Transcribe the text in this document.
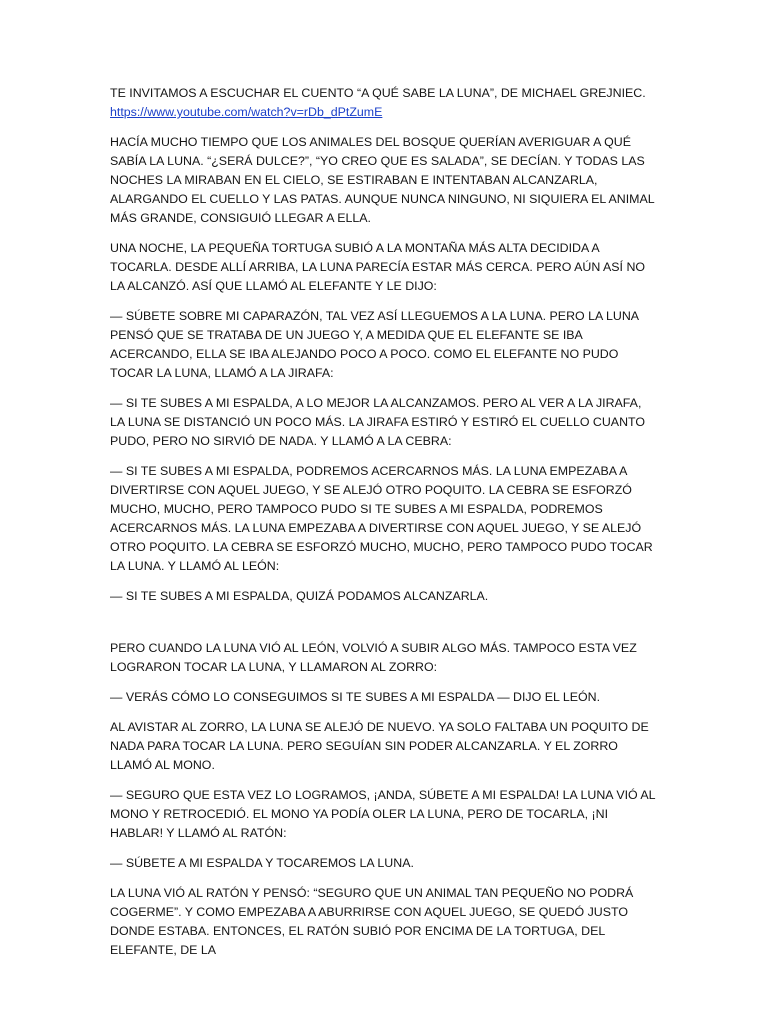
TE INVITAMOS A ESCUCHAR EL CUENTO “A QUÉ SABE LA LUNA”, DE MICHAEL GREJNIEC.
https://www.youtube.com/watch?v=rDb_dPtZumE

HACÍA MUCHO TIEMPO QUE LOS ANIMALES DEL BOSQUE QUERÍAN AVERIGUAR A QUÉ SABÍA LA LUNA. “¿SERÁ DULCE?”, “YO CREO QUE ES SALADA”, SE DECÍAN. Y TODAS LAS NOCHES LA MIRABAN EN EL CIELO, SE ESTIRABAN E INTENTABAN ALCANZARLA, ALARGANDO EL CUELLO Y LAS PATAS. AUNQUE NUNCA NINGUNO, NI SIQUIERA EL ANIMAL MÁS GRANDE, CONSIGUIÓ LLEGAR A ELLA.

UNA NOCHE, LA PEQUEÑA TORTUGA SUBIÓ A LA MONTAÑA MÁS ALTA DECIDIDA A TOCARLA. DESDE ALLÍ ARRIBA, LA LUNA PARECÍA ESTAR MÁS CERCA. PERO AÚN ASÍ NO LA ALCANZÓ. ASÍ QUE LLAMÓ AL ELEFANTE Y LE DIJO:

— SÚBETE SOBRE MI CAPARAZÓN, TAL VEZ ASÍ LLEGUEMOS A LA LUNA. PERO LA LUNA PENSÓ QUE SE TRATABA DE UN JUEGO Y, A MEDIDA QUE EL ELEFANTE SE IBA ACERCANDO, ELLA SE IBA ALEJANDO POCO A POCO. COMO EL ELEFANTE NO PUDO TOCAR LA LUNA, LLAMÓ A LA JIRAFA:

— SI TE SUBES A MI ESPALDA, A LO MEJOR LA ALCANZAMOS. PERO AL VER A LA JIRAFA, LA LUNA SE DISTANCIÓ UN POCO MÁS. LA JIRAFA ESTIRÓ Y ESTIRÓ EL CUELLO CUANTO PUDO, PERO NO SIRVIÓ DE NADA. Y LLAMÓ A LA CEBRA:

— SI TE SUBES A MI ESPALDA, PODREMOS ACERCARNOS MÁS. LA LUNA EMPEZABA A DIVERTIRSE CON AQUEL JUEGO, Y SE ALEJÓ OTRO POQUITO. LA CEBRA SE ESFORZÓ MUCHO, MUCHO, PERO TAMPOCO PUDO SI TE SUBES A MI ESPALDA, PODREMOS ACERCARNOS MÁS. LA LUNA EMPEZABA A DIVERTIRSE CON AQUEL JUEGO, Y SE ALEJÓ OTRO POQUITO. LA CEBRA SE ESFORZÓ MUCHO, MUCHO, PERO TAMPOCO PUDO TOCAR LA LUNA. Y LLAMÓ AL LEÓN:

— SI TE SUBES A MI ESPALDA, QUIZÁ PODAMOS ALCANZARLA.

PERO CUANDO LA LUNA VIÓ AL LEÓN, VOLVIÓ A SUBIR ALGO MÁS. TAMPOCO ESTA VEZ LOGRARON TOCAR LA LUNA, Y LLAMARON AL ZORRO:

— VERÁS CÓMO LO CONSEGUIMOS SI TE SUBES A MI ESPALDA — DIJO EL LEÓN.

AL AVISTAR AL ZORRO, LA LUNA SE ALEJÓ DE NUEVO. YA SOLO FALTABA UN POQUITO DE NADA PARA TOCAR LA LUNA. PERO SEGUÍAN SIN PODER ALCANZARLA. Y EL ZORRO LLAMÓ AL MONO.

— SEGURO QUE ESTA VEZ LO LOGRAMOS, ¡ANDA, SÚBETE A MI ESPALDA! LA LUNA VIÓ AL MONO Y RETROCEDIÓ. EL MONO YA PODÍA OLER LA LUNA, PERO DE TOCARLA, ¡NI HABLAR! Y LLAMÓ AL RATÓN:

— SÚBETE A MI ESPALDA Y TOCAREMOS LA LUNA.

LA LUNA VIÓ AL RATÓN Y PENSÓ: “SEGURO QUE UN ANIMAL TAN PEQUEÑO NO PODRÁ COGERME”. Y COMO EMPEZABA A ABURRIRSE CON AQUEL JUEGO, SE QUEDÓ JUSTO DONDE ESTABA. ENTONCES, EL RATÓN SUBIÓ POR ENCIMA DE LA TORTUGA, DEL ELEFANTE, DE LA
